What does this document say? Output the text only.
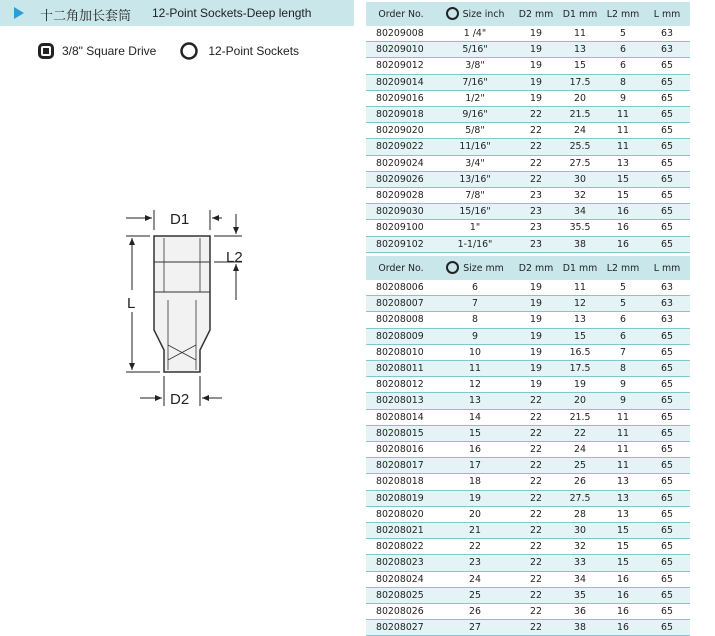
十二角加长套筒 12-Point Sockets-Deep length
3/8" Square Drive	12-Point Sockets
D1
L2
L
D2
Order No.	Size inch	D2 mm	D1 mm	L2 mm	L mm
80209008	1 /4"	19	11	5	63
80209010	5/16"	19	13	6	63
80209012	3/8"	19	15	6	65
80209014	7/16"	19	17.5	8	65
80209016	1/2"	19	20	9	65
80209018	9/16"	22	21.5	11	65
80209020	5/8"	22	24	11	65
80209022	11/16"	22	25.5	11	65
80209024	3/4"	22	27.5	13	65
80209026	13/16"	22	30	15	65
80209028	7/8"	23	32	15	65
80209030	15/16"	23	34	16	65
80209100	1"	23	35.5	16	65
80209102	1-1/16"	23	38	16	65
Order No.	Size mm	D2 mm	D1 mm	L2 mm	L mm
80208006	6	19	11	5	63
80208007	7	19	12	5	63
80208008	8	19	13	6	63
80208009	9	19	15	6	65
80208010	10	19	16.5	7	65
80208011	11	19	17.5	8	65
80208012	12	19	19	9	65
80208013	13	22	20	9	65
80208014	14	22	21.5	11	65
80208015	15	22	22	11	65
80208016	16	22	24	11	65
80208017	17	22	25	11	65
80208018	18	22	26	13	65
80208019	19	22	27.5	13	65
80208020	20	22	28	13	65
80208021	21	22	30	15	65
80208022	22	22	32	15	65
80208023	23	22	33	15	65
80208024	24	22	34	16	65
80208025	25	22	35	16	65
80208026	26	22	36	16	65
80208027	27	22	38	16	65
